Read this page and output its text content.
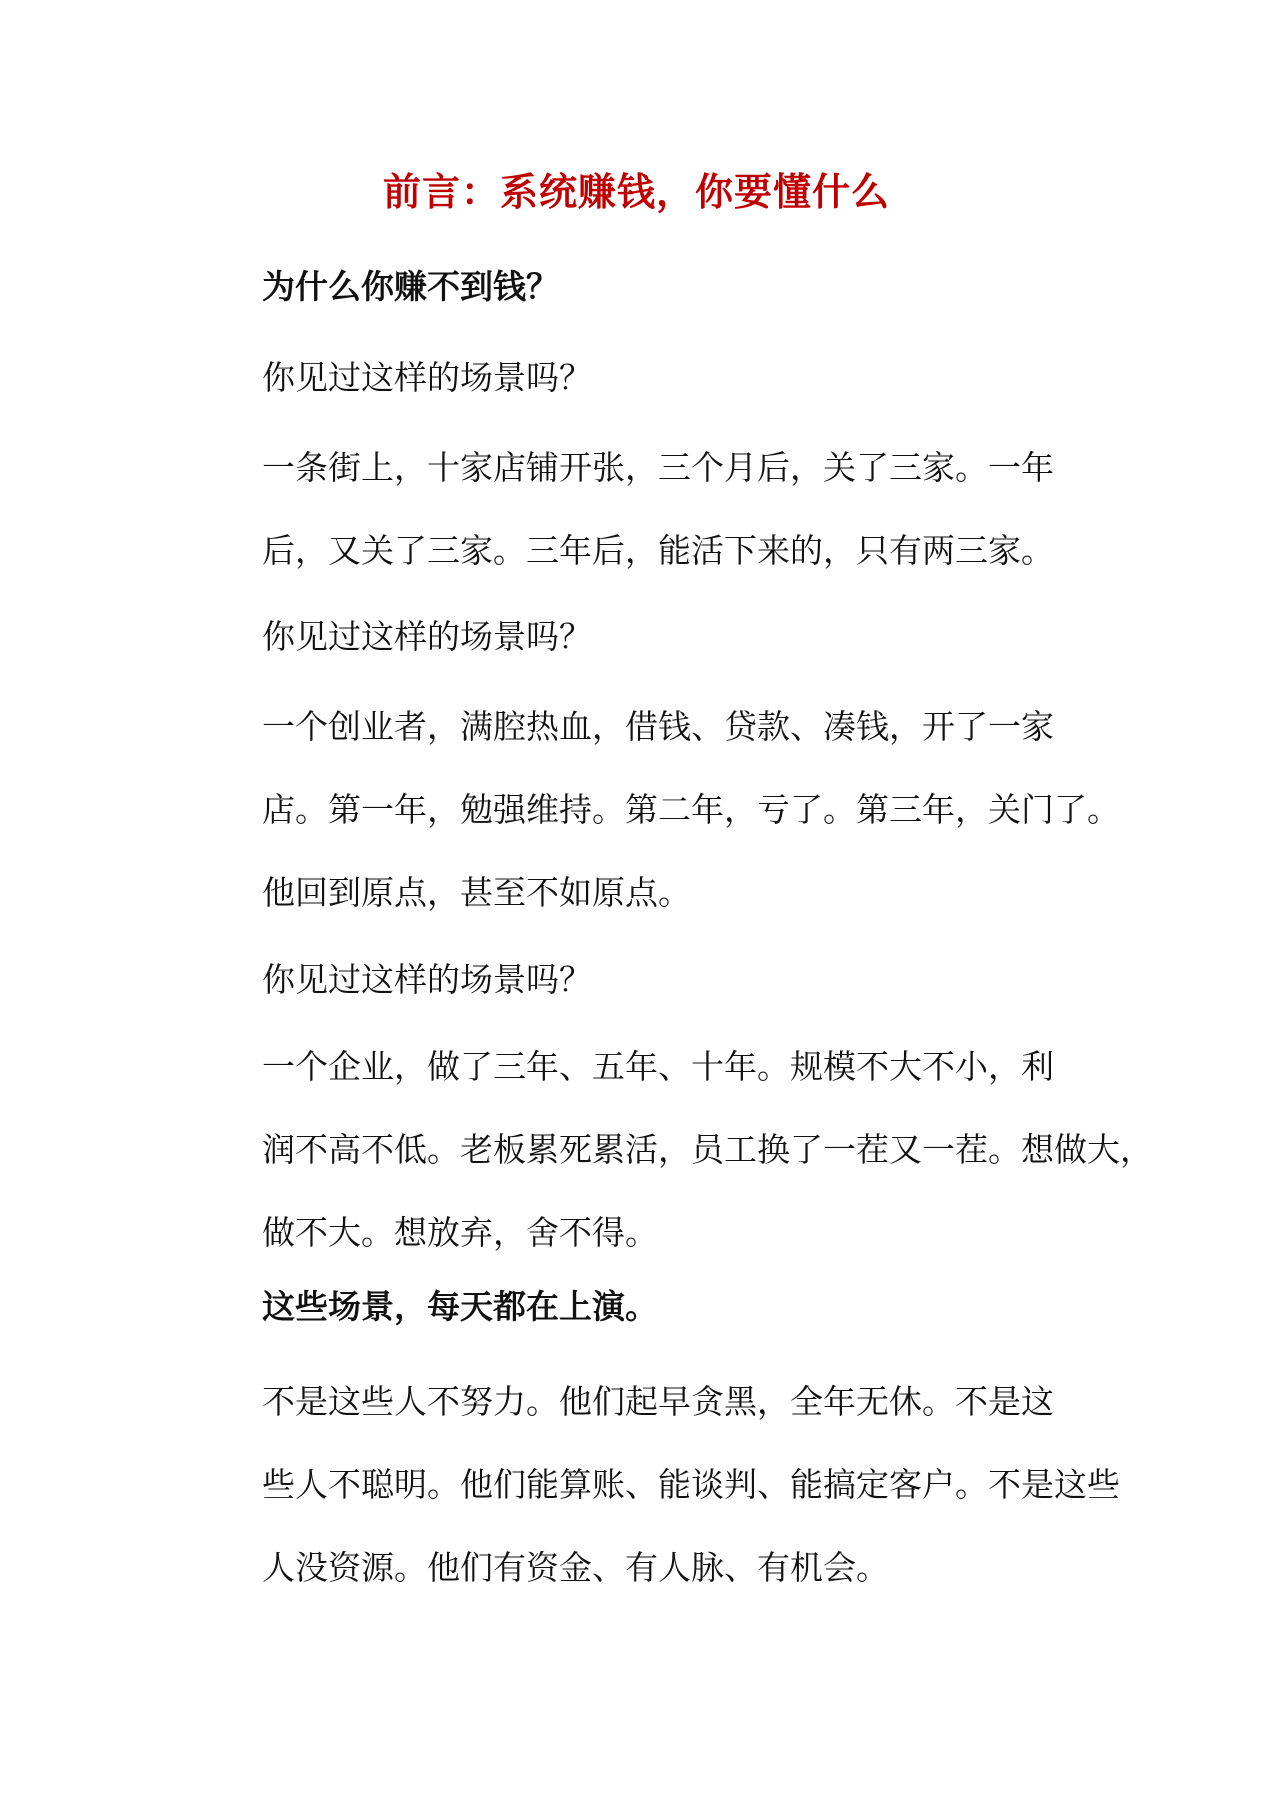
前言：系统赚钱，你要懂什么
为什么你赚不到钱？
你见过这样的场景吗？
一条街上，十家店铺开张，三个月后，关了三家。一年
后，又关了三家。三年后，能活下来的，只有两三家。
你见过这样的场景吗？
一个创业者，满腔热血，借钱、贷款、凑钱，开了一家
店。第一年，勉强维持。第二年，亏了。第三年，关门了。
他回到原点，甚至不如原点。
你见过这样的场景吗？
一个企业，做了三年、五年、十年。规模不大不小，利
润不高不低。老板累死累活，员工换了一茬又一茬。想做大，
做不大。想放弃，舍不得。
这些场景，每天都在上演。
不是这些人不努力。他们起早贪黑，全年无休。不是这
些人不聪明。他们能算账、能谈判、能搞定客户。不是这些
人没资源。他们有资金、有人脉、有机会。
